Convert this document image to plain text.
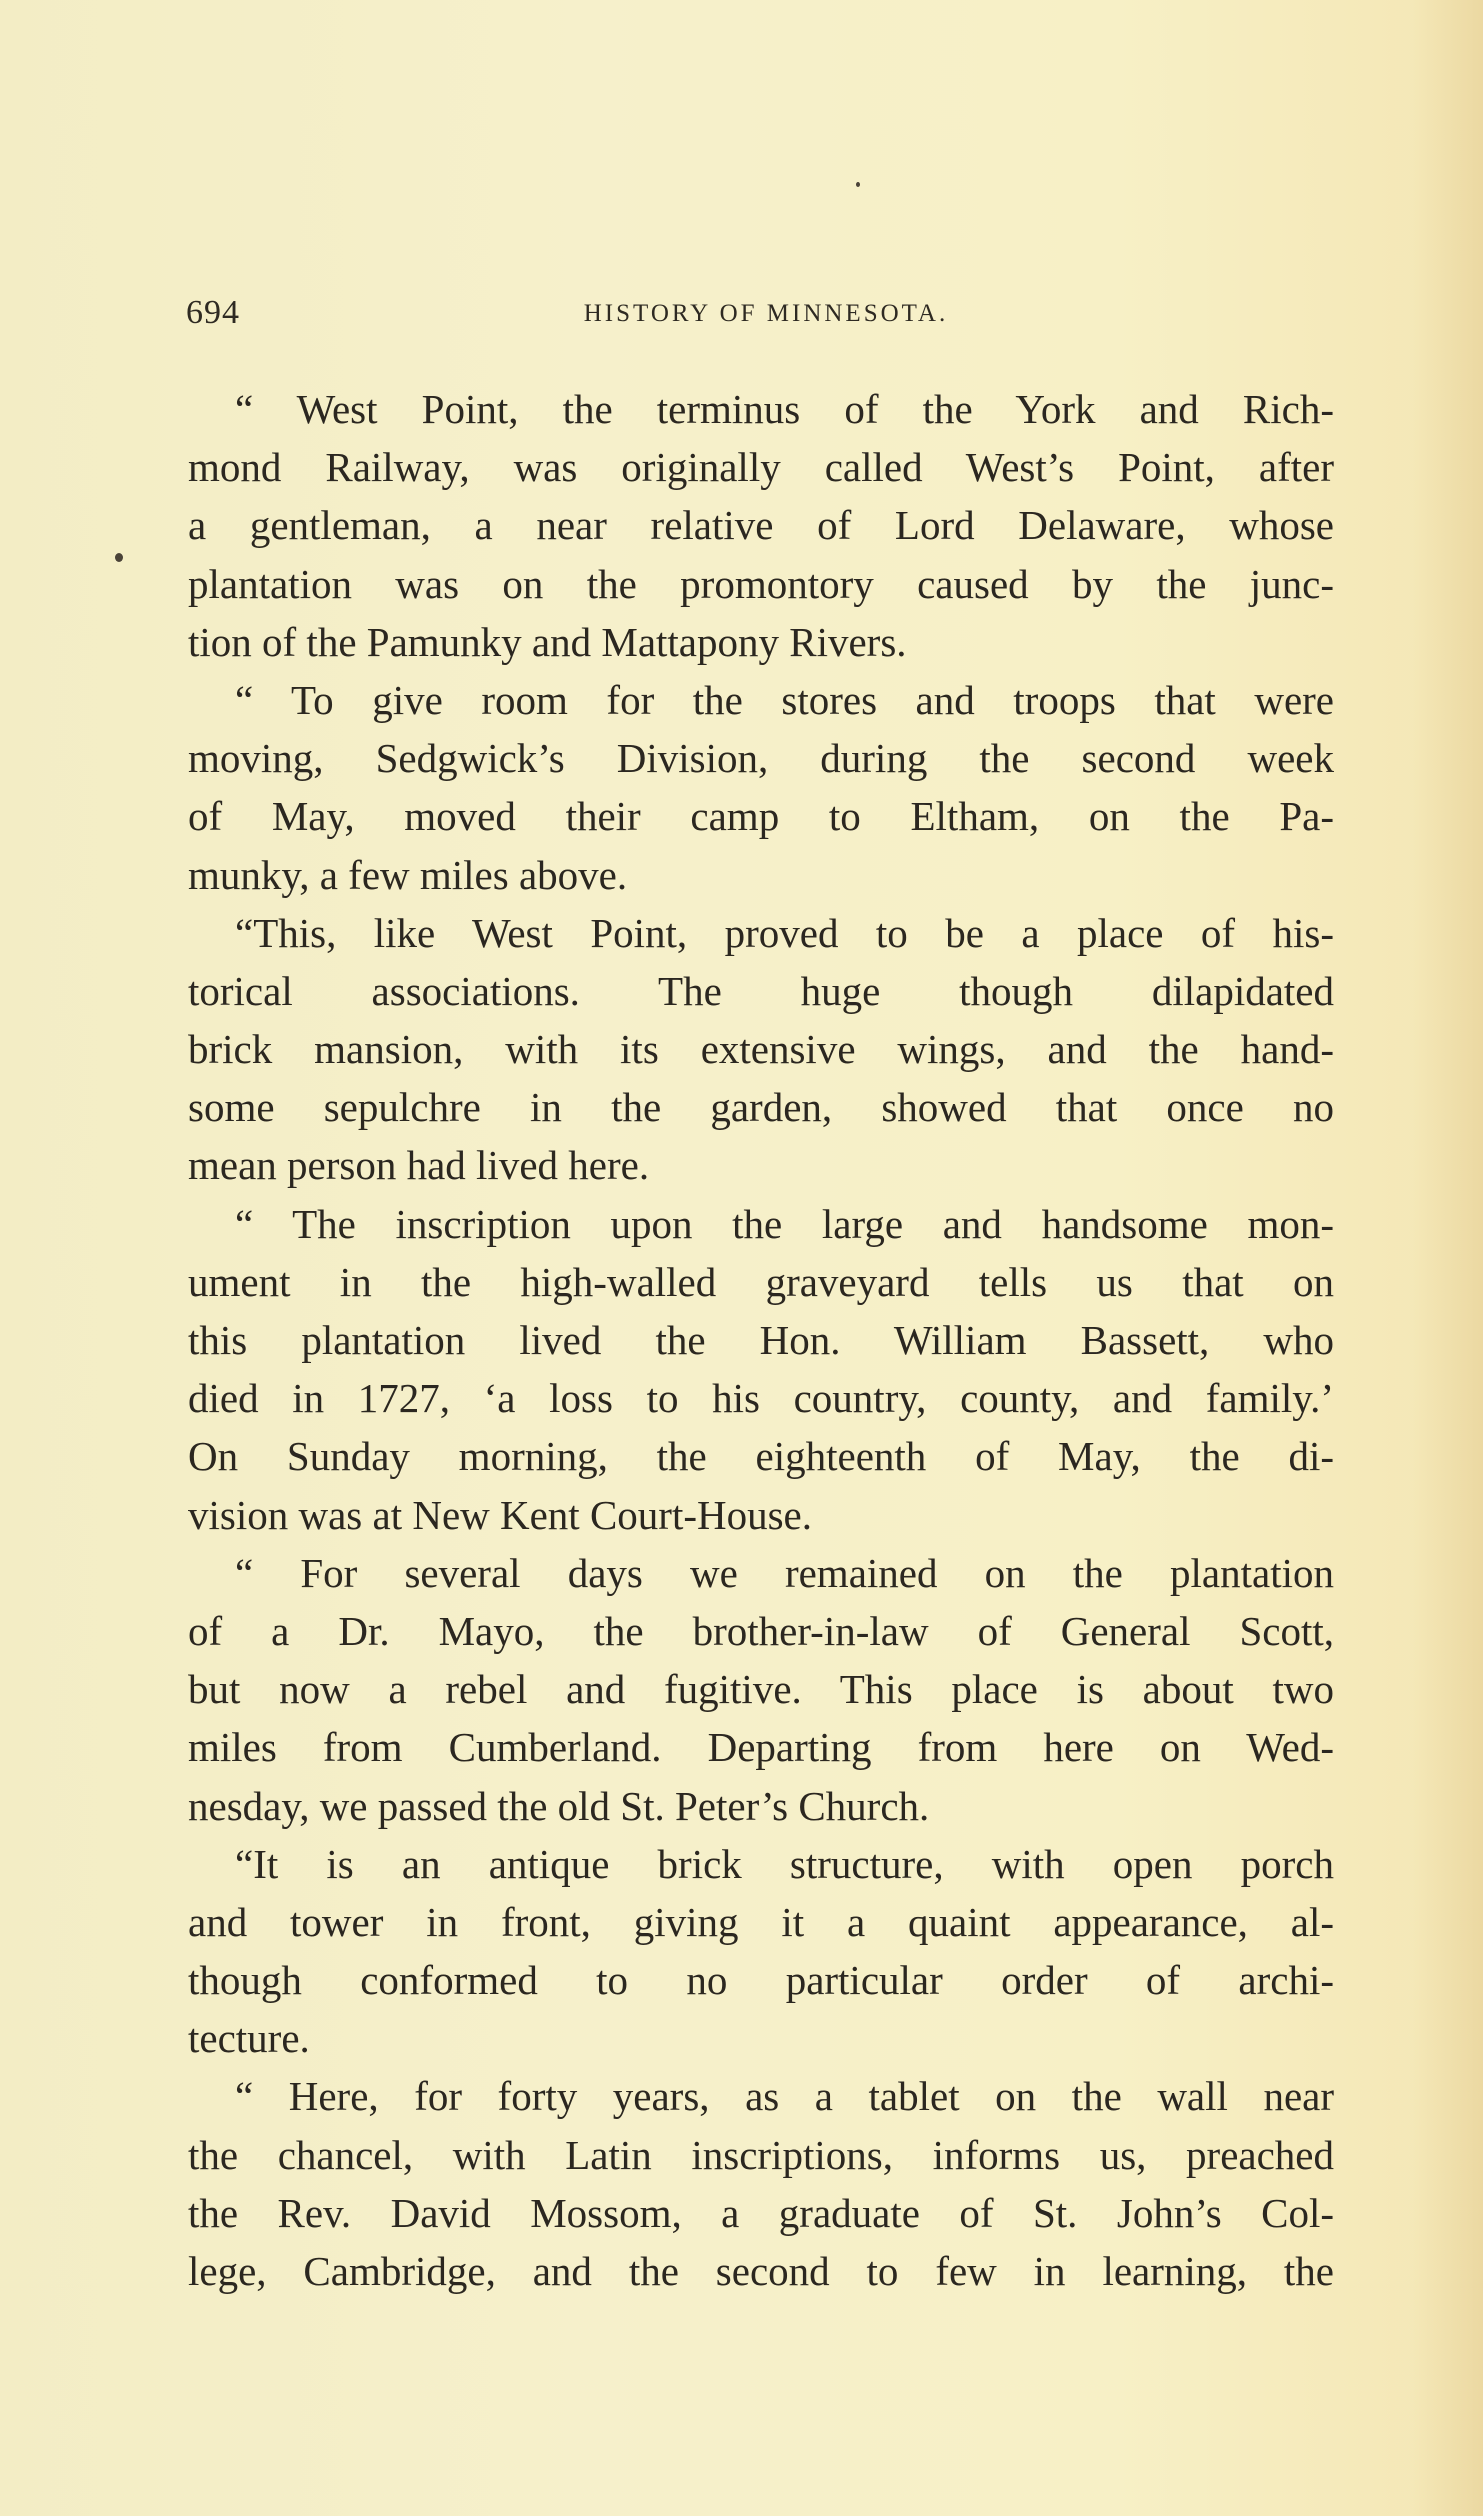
694	HISTORY OF MINNESOTA.
“ West Point, the terminus of the York and Rich-
mond Railway, was originally called West’s Point, after
a gentleman, a near relative of Lord Delaware, whose
plantation was on the promontory caused by the junc-
tion of the Pamunky and Mattapony Rivers.
“ To give room for the stores and troops that were
moving, Sedgwick’s Division, during the second week
of May, moved their camp to Eltham, on the Pa-
munky, a few miles above.
“This, like West Point, proved to be a place of his-
torical associations. The huge though dilapidated
brick mansion, with its extensive wings, and the hand-
some sepulchre in the garden, showed that once no
mean person had lived here.
“ The inscription upon the large and handsome mon-
ument in the high-walled graveyard tells us that on
this plantation lived the Hon. William Bassett, who
died in 1727, ‘a loss to his country, county, and family.’
On Sunday morning, the eighteenth of May, the di-
vision was at New Kent Court-House.
“ For several days we remained on the plantation
of a Dr. Mayo, the brother-in-law of General Scott,
but now a rebel and fugitive. This place is about two
miles from Cumberland. Departing from here on Wed-
nesday, we passed the old St. Peter’s Church.
“It is an antique brick structure, with open porch
and tower in front, giving it a quaint appearance, al-
though conformed to no particular order of archi-
tecture.
“ Here, for forty years, as a tablet on the wall near
the chancel, with Latin inscriptions, informs us, preached
the Rev. David Mossom, a graduate of St. John’s Col-
lege, Cambridge, and the second to few in learning, the
